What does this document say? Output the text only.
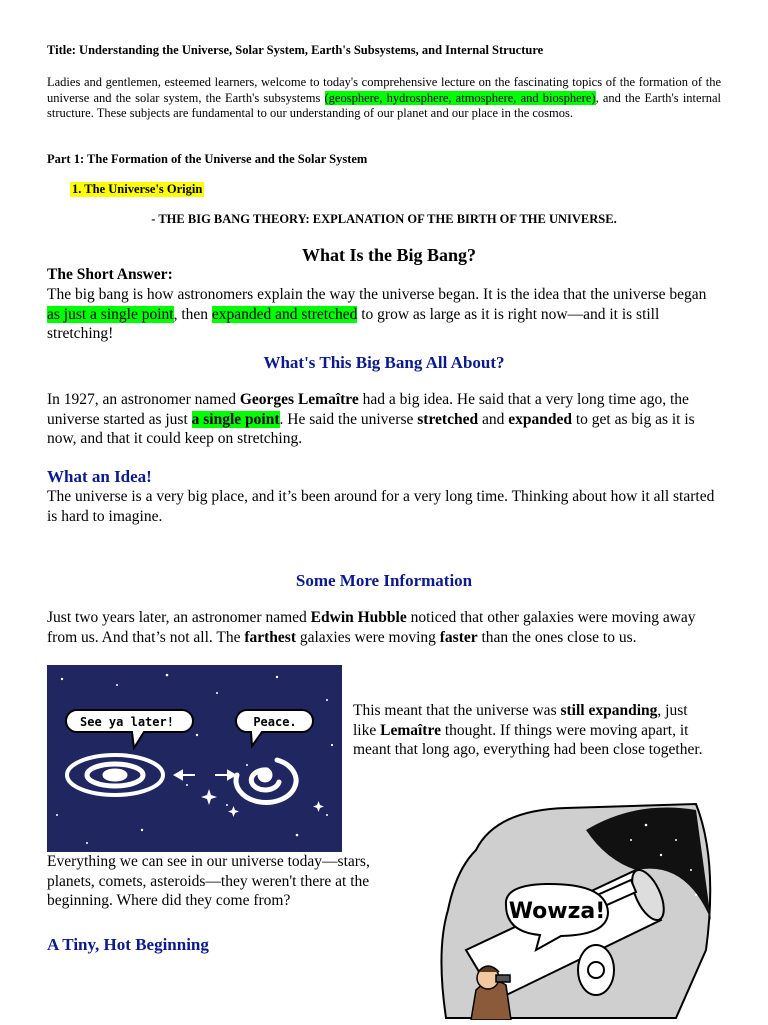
Title: Understanding the Universe, Solar System, Earth's Subsystems, and Internal Structure
Ladies and gentlemen, esteemed learners, welcome to today's comprehensive lecture on the fascinating topics of the formation of the universe and the solar system, the Earth's subsystems (geosphere, hydrosphere, atmosphere, and biosphere), and the Earth's internal structure. These subjects are fundamental to our understanding of our planet and our place in the cosmos.
Part 1: The Formation of the Universe and the Solar System
1. The Universe's Origin
- THE BIG BANG THEORY: EXPLANATION OF THE BIRTH OF THE UNIVERSE.
What Is the Big Bang?
The Short Answer:
The big bang is how astronomers explain the way the universe began. It is the idea that the universe began as just a single point, then expanded and stretched to grow as large as it is right now—and it is still stretching!
What's This Big Bang All About?
In 1927, an astronomer named Georges Lemaître had a big idea. He said that a very long time ago, the universe started as just a single point. He said the universe stretched and expanded to get as big as it is now, and that it could keep on stretching.
What an Idea!
The universe is a very big place, and it’s been around for a very long time. Thinking about how it all started is hard to imagine.
Some More Information
Just two years later, an astronomer named Edwin Hubble noticed that other galaxies were moving away from us. And that’s not all. The farthest galaxies were moving faster than the ones close to us.
See ya later!	Peace.
This meant that the universe was still expanding, just like Lemaître thought. If things were moving apart, it meant that long ago, everything had been close together.
Everything we can see in our universe today—stars, planets, comets, asteroids—they weren't there at the beginning. Where did they come from?
A Tiny, Hot Beginning
Wowza!
